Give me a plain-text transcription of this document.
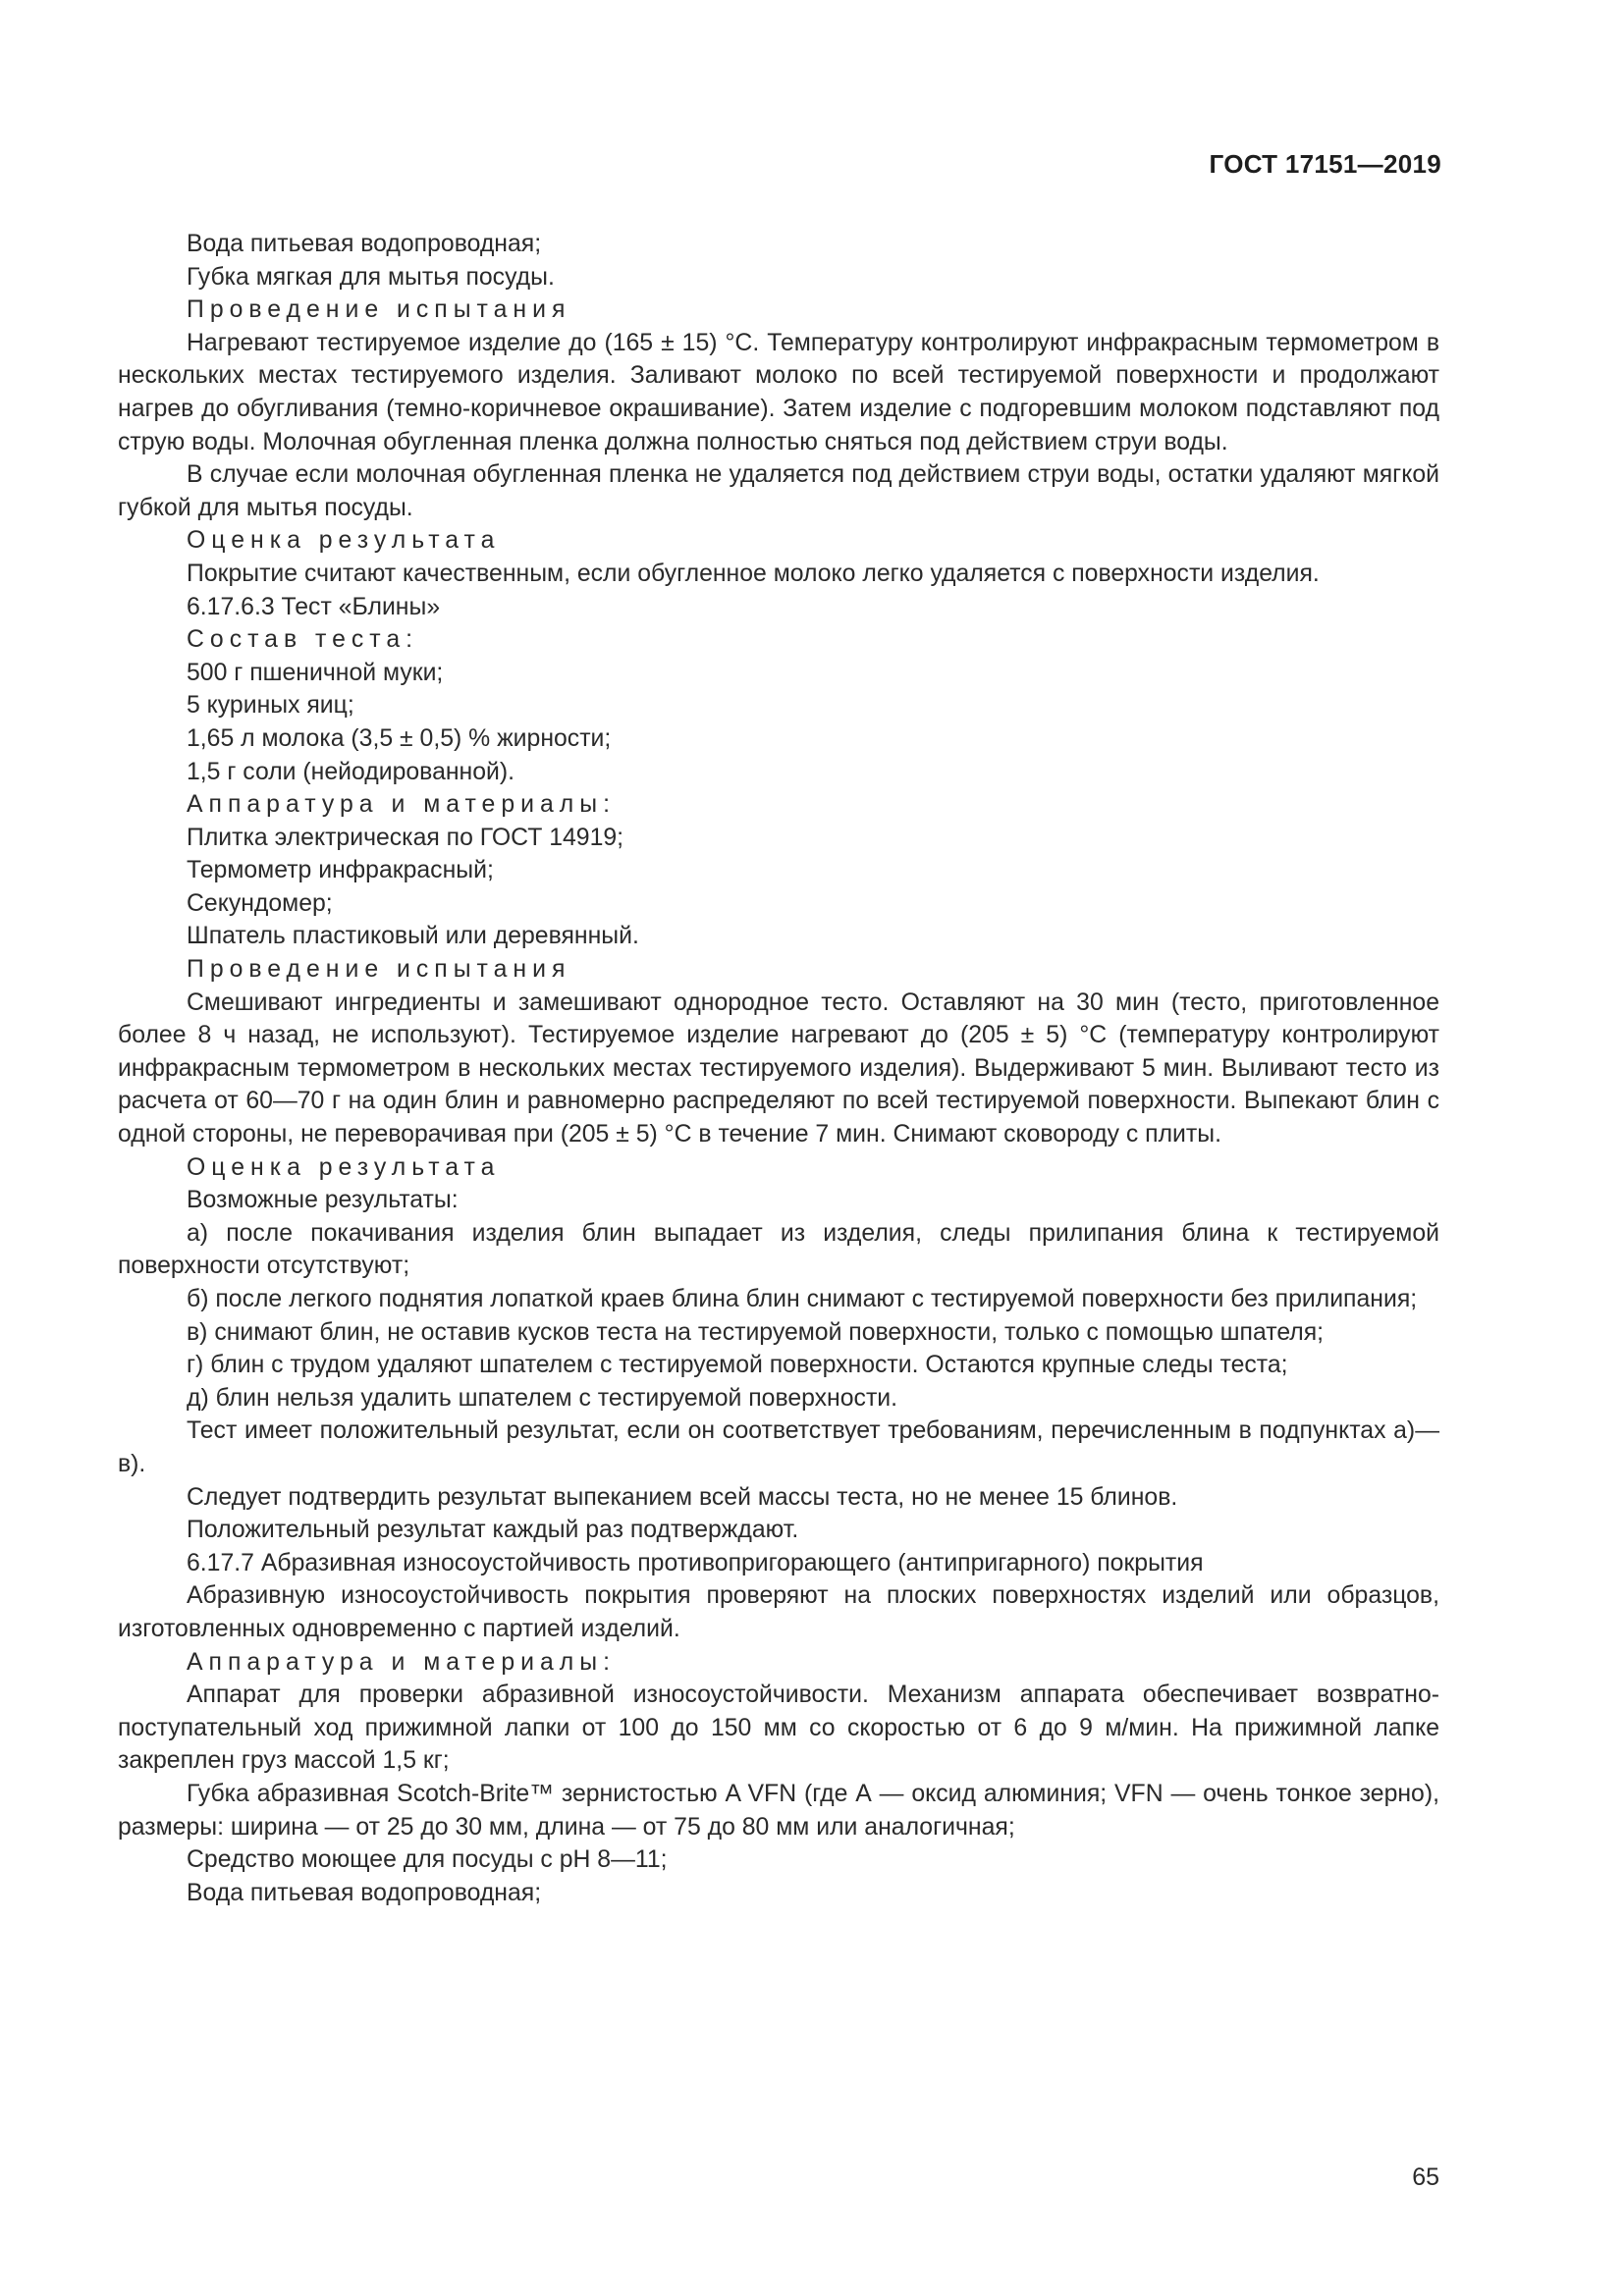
ГОСТ 17151—2019

Вода питьевая водопроводная;

Губка мягкая для мытья посуды.

Проведение испытания

Нагревают тестируемое изделие до (165 ± 15) °С. Температуру контролируют инфракрасным термометром в нескольких местах тестируемого изделия. Заливают молоко по всей тестируемой поверхности и продолжают нагрев до обугливания (темно-коричневое окрашивание). Затем изделие с подгоревшим молоком подставляют под струю воды. Молочная обугленная пленка должна полностью сняться под действием струи воды.

В случае если молочная обугленная пленка не удаляется под действием струи воды, остатки удаляют мягкой губкой для мытья посуды.

Оценка результата

Покрытие считают качественным, если обугленное молоко легко удаляется с поверхности изделия.

6.17.6.3 Тест «Блины»

Состав теста:

500 г пшеничной муки;

5 куриных яиц;

1,65 л молока (3,5 ± 0,5) % жирности;

1,5 г соли (нейодированной).

Аппаратура и материалы:

Плитка электрическая по ГОСТ 14919;

Термометр инфракрасный;

Секундомер;

Шпатель пластиковый или деревянный.

Проведение испытания

Смешивают ингредиенты и замешивают однородное тесто. Оставляют на 30 мин (тесто, приготовленное более 8 ч назад, не используют). Тестируемое изделие нагревают до (205 ± 5) °С (температуру контролируют инфракрасным термометром в нескольких местах тестируемого изделия). Выдерживают 5 мин. Выливают тесто из расчета от 60—70 г на один блин и равномерно распределяют по всей тестируемой поверхности. Выпекают блин с одной стороны, не переворачивая при (205 ± 5) °С в течение 7 мин. Снимают сковороду с плиты.

Оценка результата

Возможные результаты:

а) после покачивания изделия блин выпадает из изделия, следы прилипания блина к тестируемой поверхности отсутствуют;

б) после легкого поднятия лопаткой краев блина блин снимают с тестируемой поверхности без прилипания;

в) снимают блин, не оставив кусков теста на тестируемой поверхности, только с помощью шпателя;

г) блин с трудом удаляют шпателем с тестируемой поверхности. Остаются крупные следы теста;

д) блин нельзя удалить шпателем с тестируемой поверхности.

Тест имеет положительный результат, если он соответствует требованиям, перечисленным в подпунктах а)—в).

Следует подтвердить результат выпеканием всей массы теста, но не менее 15 блинов.

Положительный результат каждый раз подтверждают.

6.17.7 Абразивная износоустойчивость противопригорающего (антипригарного) покрытия

Абразивную износоустойчивость покрытия проверяют на плоских поверхностях изделий или образцов, изготовленных одновременно с партией изделий.

Аппаратура и материалы:

Аппарат для проверки абразивной износоустойчивости. Механизм аппарата обеспечивает возвратно-поступательный ход прижимной лапки от 100 до 150 мм со скоростью от 6 до 9 м/мин. На прижимной лапке закреплен груз массой 1,5 кг;

Губка абразивная Scotch-Brite™ зернистостью A VFN (где А — оксид алюминия; VFN — очень тонкое зерно), размеры: ширина — от 25 до 30 мм, длина — от 75 до 80 мм или аналогичная;

Средство моющее для посуды с pH 8—11;

Вода питьевая водопроводная;

65
